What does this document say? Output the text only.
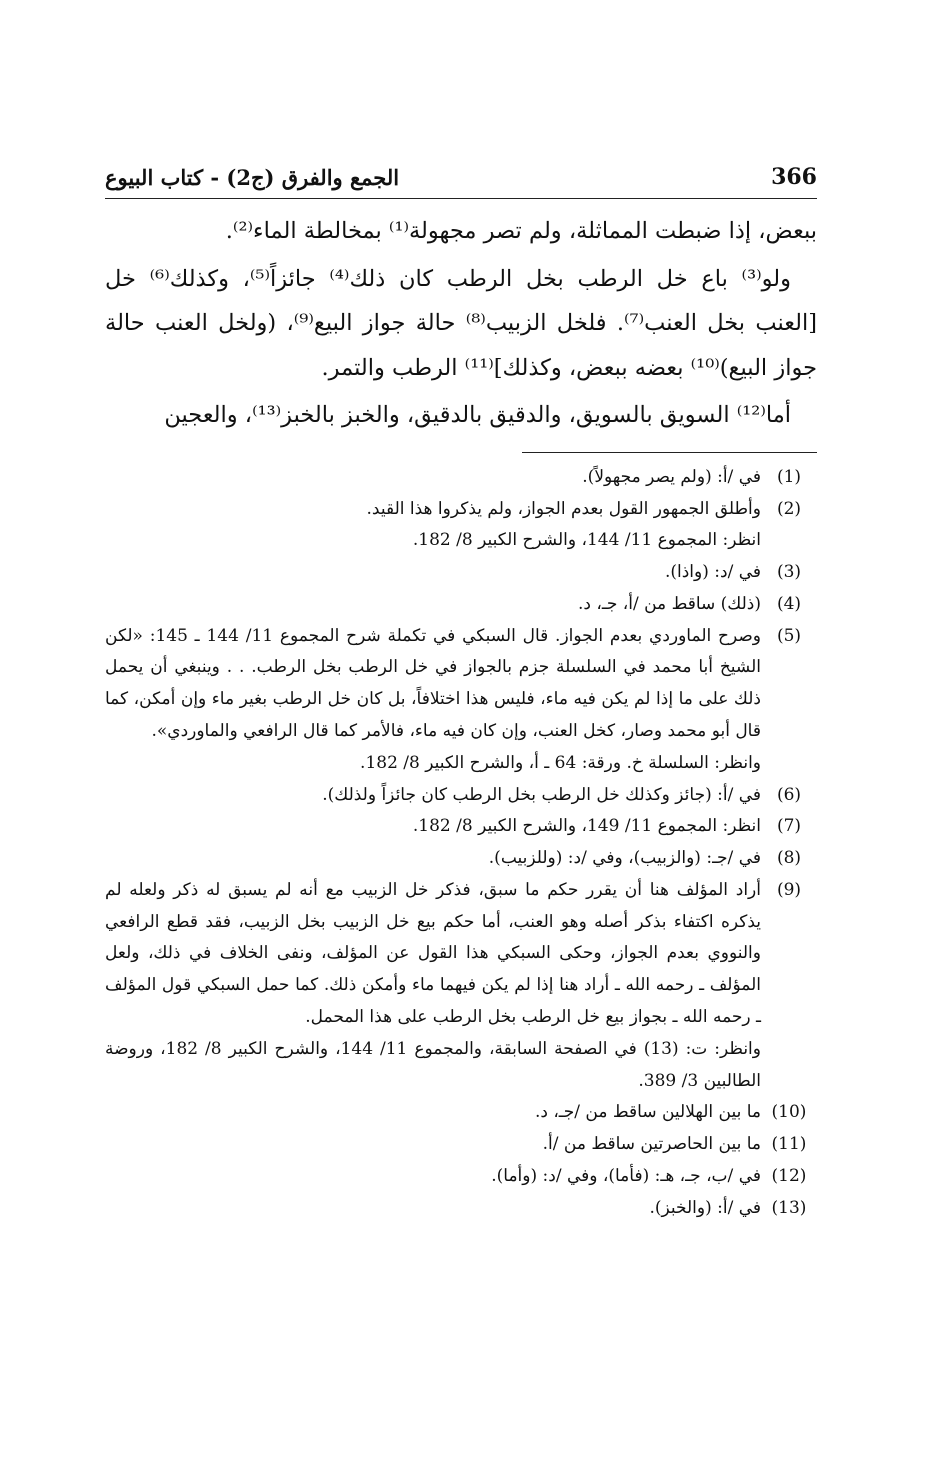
366
الجمع والفرق (ج2) - كتاب البيوع

ببعض، إذا ضبطت المماثلة، ولم تصر مجهولة⁽¹⁾ بمخالطة الماء⁽²⁾.

ولو⁽³⁾ باع خل الرطب بخل الرطب كان ذلك⁽⁴⁾ جائزاً⁽⁵⁾، وكذلك⁽⁶⁾ خل [العنب بخل العنب⁽⁷⁾. فلخل الزبيب⁽⁸⁾ حالة جواز البيع⁽⁹⁾، (ولخل العنب حالة جواز البيع)⁽¹⁰⁾ بعضه ببعض، وكذلك]⁽¹¹⁾ الرطب والتمر.

أما⁽¹²⁾ السويق بالسويق، والدقيق بالدقيق، والخبز بالخبز⁽¹³⁾، والعجين

(1)
في /أ: (ولم يصر مجهولاً).
(2)
وأطلق الجمهور القول بعدم الجواز، ولم يذكروا هذا القيد.
انظر: المجموع 11/ 144، والشرح الكبير 8/ 182.
(3)
في /د: (واذا).
(4)
(ذلك) ساقط من /أ، جـ، د.
(5)
وصرح الماوردي بعدم الجواز. قال السبكي في تكملة شرح المجموع 11/ 144 ـ 145: «لكن الشيخ أبا محمد في السلسلة جزم بالجواز في خل الرطب بخل الرطب. . . وينبغي أن يحمل ذلك على ما إذا لم يكن فيه ماء، فليس هذا اختلافاً، بل كان خل الرطب بغير ماء وإن أمكن، كما قال أبو محمد وصار، كخل العنب، وإن كان فيه ماء، فالأمر كما قال الرافعي والماوردي».
وانظر: السلسلة خ. ورقة: 64 ـ أ، والشرح الكبير 8/ 182.
(6)
في /أ: (جائز وكذلك خل الرطب بخل الرطب كان جائزاً ولذلك).
(7)
انظر: المجموع 11/ 149، والشرح الكبير 8/ 182.
(8)
في /جـ: (والزبيب)، وفي /د: (وللزبيب).
(9)
أراد المؤلف هنا أن يقرر حكم ما سبق، فذكر خل الزبيب مع أنه لم يسبق له ذكر ولعله لم يذكره اكتفاء بذكر أصله وهو العنب، أما حكم بيع خل الزبيب بخل الزبيب، فقد قطع الرافعي والنووي بعدم الجواز، وحكى السبكي هذا القول عن المؤلف، ونفى الخلاف في ذلك، ولعل المؤلف ـ رحمه الله ـ أراد هنا إذا لم يكن فيهما ماء وأمكن ذلك. كما حمل السبكي قول المؤلف ـ رحمه الله ـ بجواز بيع خل الرطب بخل الرطب على هذا المحمل.
وانظر: ت: (13) في الصفحة السابقة، والمجموع 11/ 144، والشرح الكبير 8/ 182، وروضة الطالبين 3/ 389.
(10)
ما بين الهلالين ساقط من /جـ، د.
(11)
ما بين الحاصرتين ساقط من /أ.
(12)
في /ب، جـ، هـ: (فأما)، وفي /د: (وأما).
(13)
في /أ: (والخبز).
